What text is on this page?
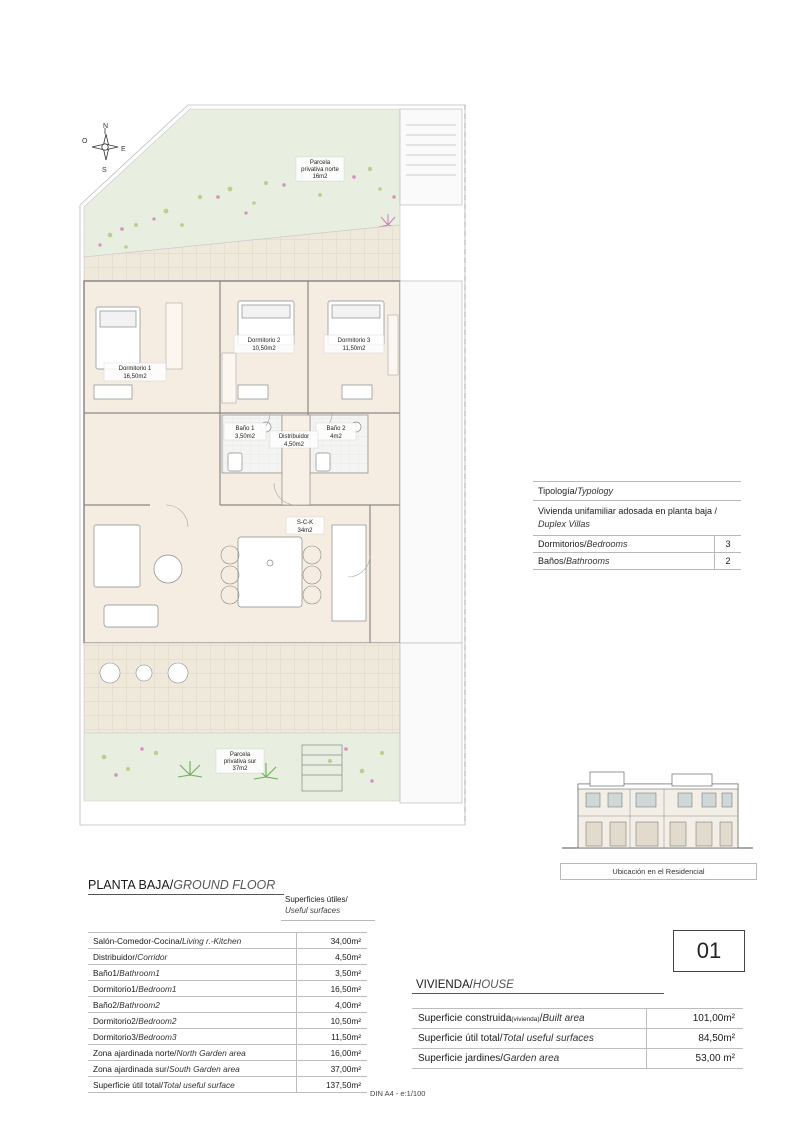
N
S
E
O
Dormitorio 1
16,50m2
Dormitorio 2
10,50m2
Dormitorio 3
11,50m2
Baño 1
3,50m2
Baño 2
4m2
Distribuidor
4,50m2
S-C-K
34m2
Parcela
privativa norte
16m2
Parcela
privativa sur
37m2
Tipología/Typology
Vivienda unifamiliar adosada en planta baja / Duplex Villas
Dormitorios/Bedrooms	3
Baños/Bathrooms	2
Ubicación en el Residencial
PLANTA BAJA/GROUND FLOOR
Superficies útiles/
Useful surfaces
Salón-Comedor-Cocina/Living r.-Kitchen	34,00m²
Distribuidor/Corridor	4,50m²
Baño1/Bathroom1	3,50m²
Dormitorio1/Bedroom1	16,50m²
Baño2/Bathroom2	4,00m²
Dormitorio2/Bedroom2	10,50m²
Dormitorio3/Bedroom3	11,50m²
Zona ajardinada norte/North Garden area	16,00m²
Zona ajardinada sur/South Garden area	37,00m²
Superficie útil total/Total useful surface	137,50m²
DIN A4 - e:1/100
01
VIVIENDA/HOUSE
Superficie construida(vivienda)/Built area	101,00m²
Superficie útil total/Total useful surfaces	84,50m²
Superficie jardines/Garden area	53,00 m²
